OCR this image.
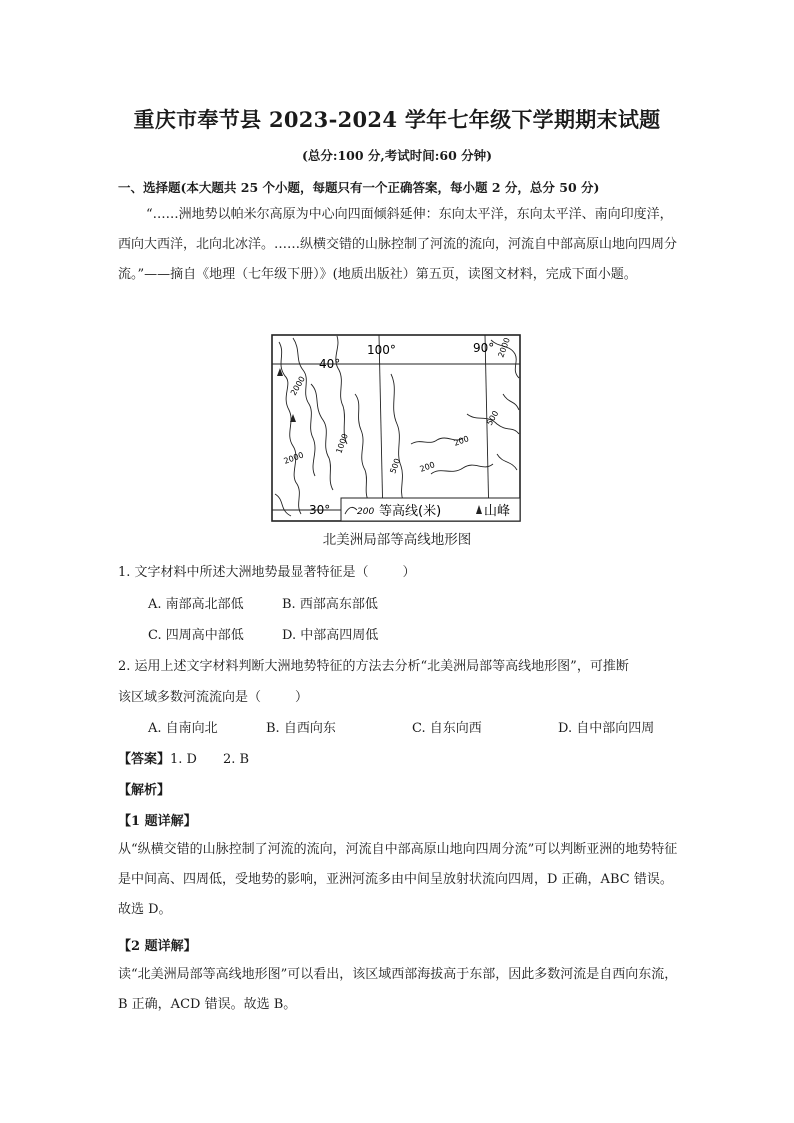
重庆市奉节县 2023-2024 学年七年级下学期期末试题
(总分:100 分,考试时间:60 分钟)
一、选择题(本大题共 25 个小题，每题只有一个正确答案，每小题 2 分，总分 50 分)
“……洲地势以帕米尔高原为中心向四面倾斜延伸：东向太平洋，东向太平洋、南向印度洋，西向大西洋，北向北冰洋。……纵横交错的山脉控制了河流的流向，河流自中部高原山地向四周分流。”——摘自《地理（七年级下册）》(地质出版社）第五页，读图文材料，完成下面小题。
40°
100°	90°
30°
2000
1000
2000
500
200
200
500
2000
200 等高线(米)	山峰
北美洲局部等高线地形图
1. 文字材料中所述大洲地势最显著特征是（	）
A. 南部高北部低	B. 西部高东部低
C. 四周高中部低	D. 中部高四周低
2. 运用上述文字材料判断大洲地势特征的方法去分析“北美洲局部等高线地形图”，可推断
该区域多数河流流向是（	）
A. 自南向北	B. 自西向东	C. 自东向西	D. 自中部向四周
【答案】1. D 2. B
【解析】
【1 题详解】
从“纵横交错的山脉控制了河流的流向，河流自中部高原山地向四周分流”可以判断亚洲的地势特征是中间高、四周低，受地势的影响，亚洲河流多由中间呈放射状流向四周，D 正确，ABC 错误。故选 D。
【2 题详解】
读“北美洲局部等高线地形图”可以看出，该区域西部海拔高于东部，因此多数河流是自西向东流，B 正确，ACD 错误。故选 B。
